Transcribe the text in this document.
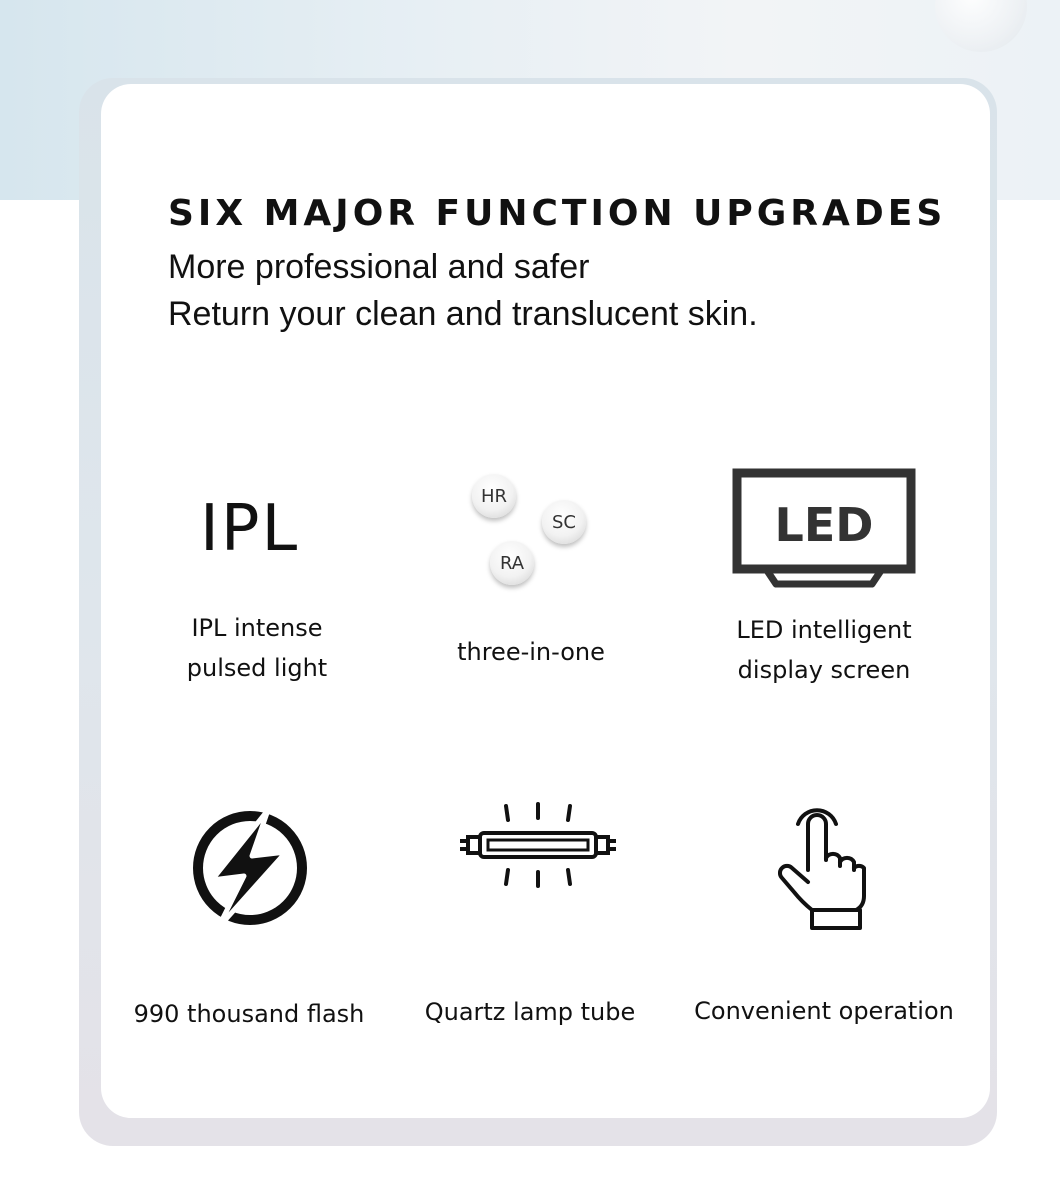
SIX MAJOR FUNCTION UPGRADES

More professional and safer

Return your clean and translucent skin.

IPL
IPL intense
pulsed light
HR
SC
RA
three-in-one
LED
LED intelligent
display screen
990 thousand flash	Quartz lamp tube	Convenient operation
